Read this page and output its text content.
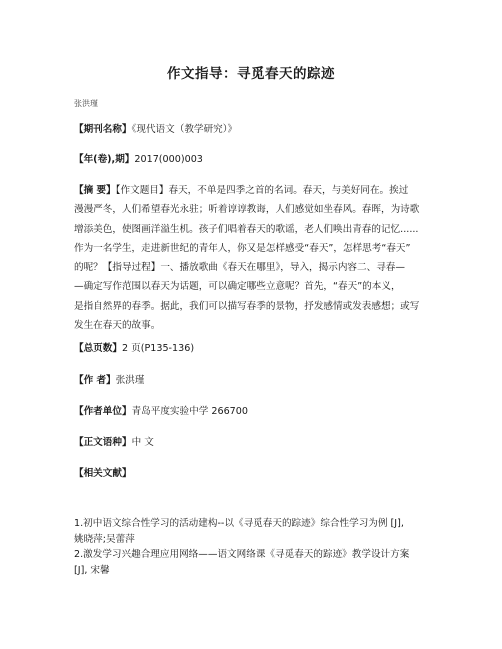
作文指导：寻觅春天的踪迹
张洪瑾
【期刊名称】《现代语文（教学研究）》
【年(卷),期】2017(000)003
【摘 要】【作文题目】春天，不单是四季之首的名词。春天，与美好同在。挨过
漫漫严冬，人们希望春光永驻；听着谆谆教诲，人们感觉如坐春风。春晖，为诗歌
增添美色，使图画洋溢生机。孩子们唱着春天的歌谣，老人们唤出青春的记忆......
作为一名学生，走进新世纪的青年人，你又是怎样感受“春天”，怎样思考“春天”
的呢？【指导过程】一、播放歌曲《春天在哪里》，导入，揭示内容二、寻春—
—确定写作范围以春天为话题，可以确定哪些立意呢？首先，“春天”的本义，
是指自然界的春季。据此，我们可以描写春季的景物，抒发感情或发表感想；或写
发生在春天的故事。
【总页数】2 页(P135-136)
【作 者】张洪瑾
【作者单位】青岛平度实验中学 266700
【正文语种】中 文
【相关文献】
1.初中语文综合性学习的活动建构--以《寻觅春天的踪迹》综合性学习为例 [J],
姚晓萍;吴蕾萍
2.激发学习兴趣合理应用网络——语文网络课《寻觅春天的踪迹》教学设计方案
[J], 宋馨
